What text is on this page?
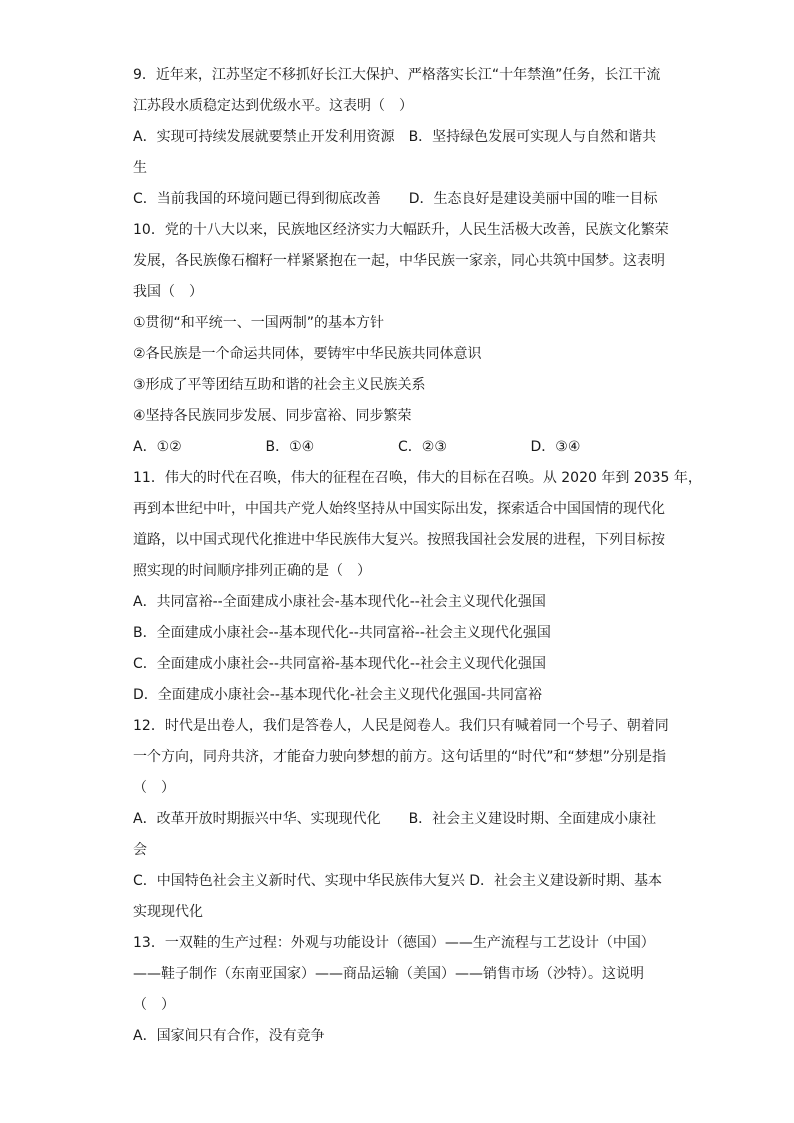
9．近年来，江苏坚定不移抓好长江大保护、严格落实长江“十年禁渔”任务，长江干流
江苏段水质稳定达到优级水平。这表明（　）
A．实现可持续发展就要禁止开发利用资源　B．坚持绿色发展可实现人与自然和谐共
生
C．当前我国的环境问题已得到彻底改善　　D．生态良好是建设美丽中国的唯一目标
10．党的十八大以来，民族地区经济实力大幅跃升，人民生活极大改善，民族文化繁荣
发展，各民族像石榴籽一样紧紧抱在一起，中华民族一家亲，同心共筑中国梦。这表明
我国（　）
①贯彻“和平统一、一国两制”的基本方针
②各民族是一个命运共同体，要铸牢中华民族共同体意识
③形成了平等团结互助和谐的社会主义民族关系
④坚持各民族同步发展、同步富裕、同步繁荣
A．①②	B．①④	C．②③	D．③④
11．伟大的时代在召唤，伟大的征程在召唤，伟大的目标在召唤。从 2020 年到 2035 年，
再到本世纪中叶，中国共产党人始终坚持从中国实际出发，探索适合中国国情的现代化
道路，以中国式现代化推进中华民族伟大复兴。按照我国社会发展的进程，下列目标按
照实现的时间顺序排列正确的是（　）
A．共同富裕--全面建成小康社会-基本现代化--社会主义现代化强国
B．全面建成小康社会--基本现代化--共同富裕--社会主义现代化强国
C．全面建成小康社会--共同富裕-基本现代化--社会主义现代化强国
D．全面建成小康社会--基本现代化-社会主义现代化强国-共同富裕
12．时代是出卷人，我们是答卷人，人民是阅卷人。我们只有喊着同一个号子、朝着同
一个方向，同舟共济，才能奋力驶向梦想的前方。这句话里的“时代”和“梦想”分别是指
（　）
A．改革开放时期振兴中华、实现现代化　　B．社会主义建设时期、全面建成小康社
会
C．中国特色社会主义新时代、实现中华民族伟大复兴 D．社会主义建设新时期、基本
实现现代化
13．一双鞋的生产过程：外观与功能设计（德国）——生产流程与工艺设计（中国）
——鞋子制作（东南亚国家）——商品运输（美国）——销售市场（沙特）。这说明
（　）
A．国家间只有合作，没有竞争
